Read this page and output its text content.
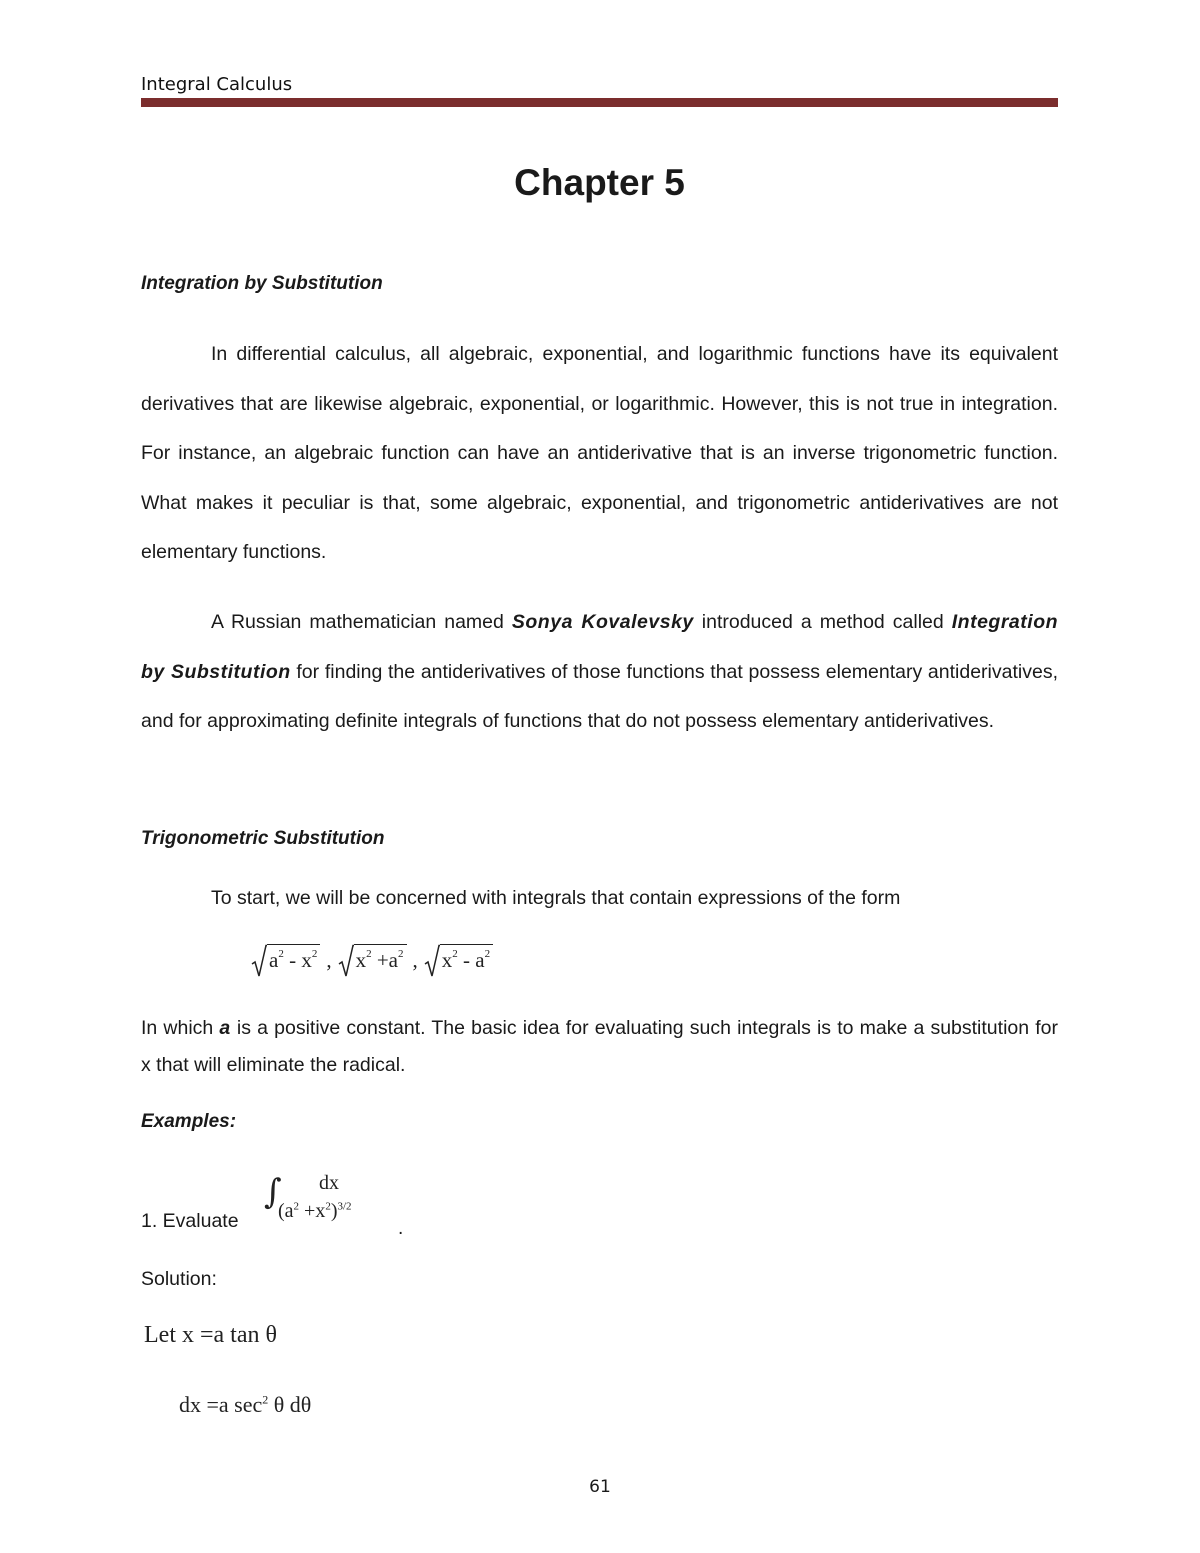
Integral Calculus
Chapter 5
Integration by Substitution

In differential calculus, all algebraic, exponential, and logarithmic functions have its equivalent derivatives that are likewise algebraic, exponential, or logarithmic. However, this is not true in integration. For instance, an algebraic function can have an antiderivative that is an inverse trigonometric function. What makes it peculiar is that, some algebraic, exponential, and trigonometric antiderivatives are not elementary functions.

A Russian mathematician named Sonya Kovalevsky introduced a method called Integration by Substitution for finding the antiderivatives of those functions that possess elementary antiderivatives, and for approximating definite integrals of functions that do not possess elementary antiderivatives.

Trigonometric Substitution

To start, we will be concerned with integrals that contain expressions of the form

$a^2 - x^2$ , $x^2 +a^2$ , $x^2 - a^2$

In which a is a positive constant. The basic idea for evaluating such integrals is to make a substitution for x that will eliminate the radical.

Examples:
1. Evaluate
∫ dx
$(a^2 +x^2)^{3/2}$
.
Solution:
Let x =a tan θ
dx =a $\sec^2 \theta$ dθ
61
